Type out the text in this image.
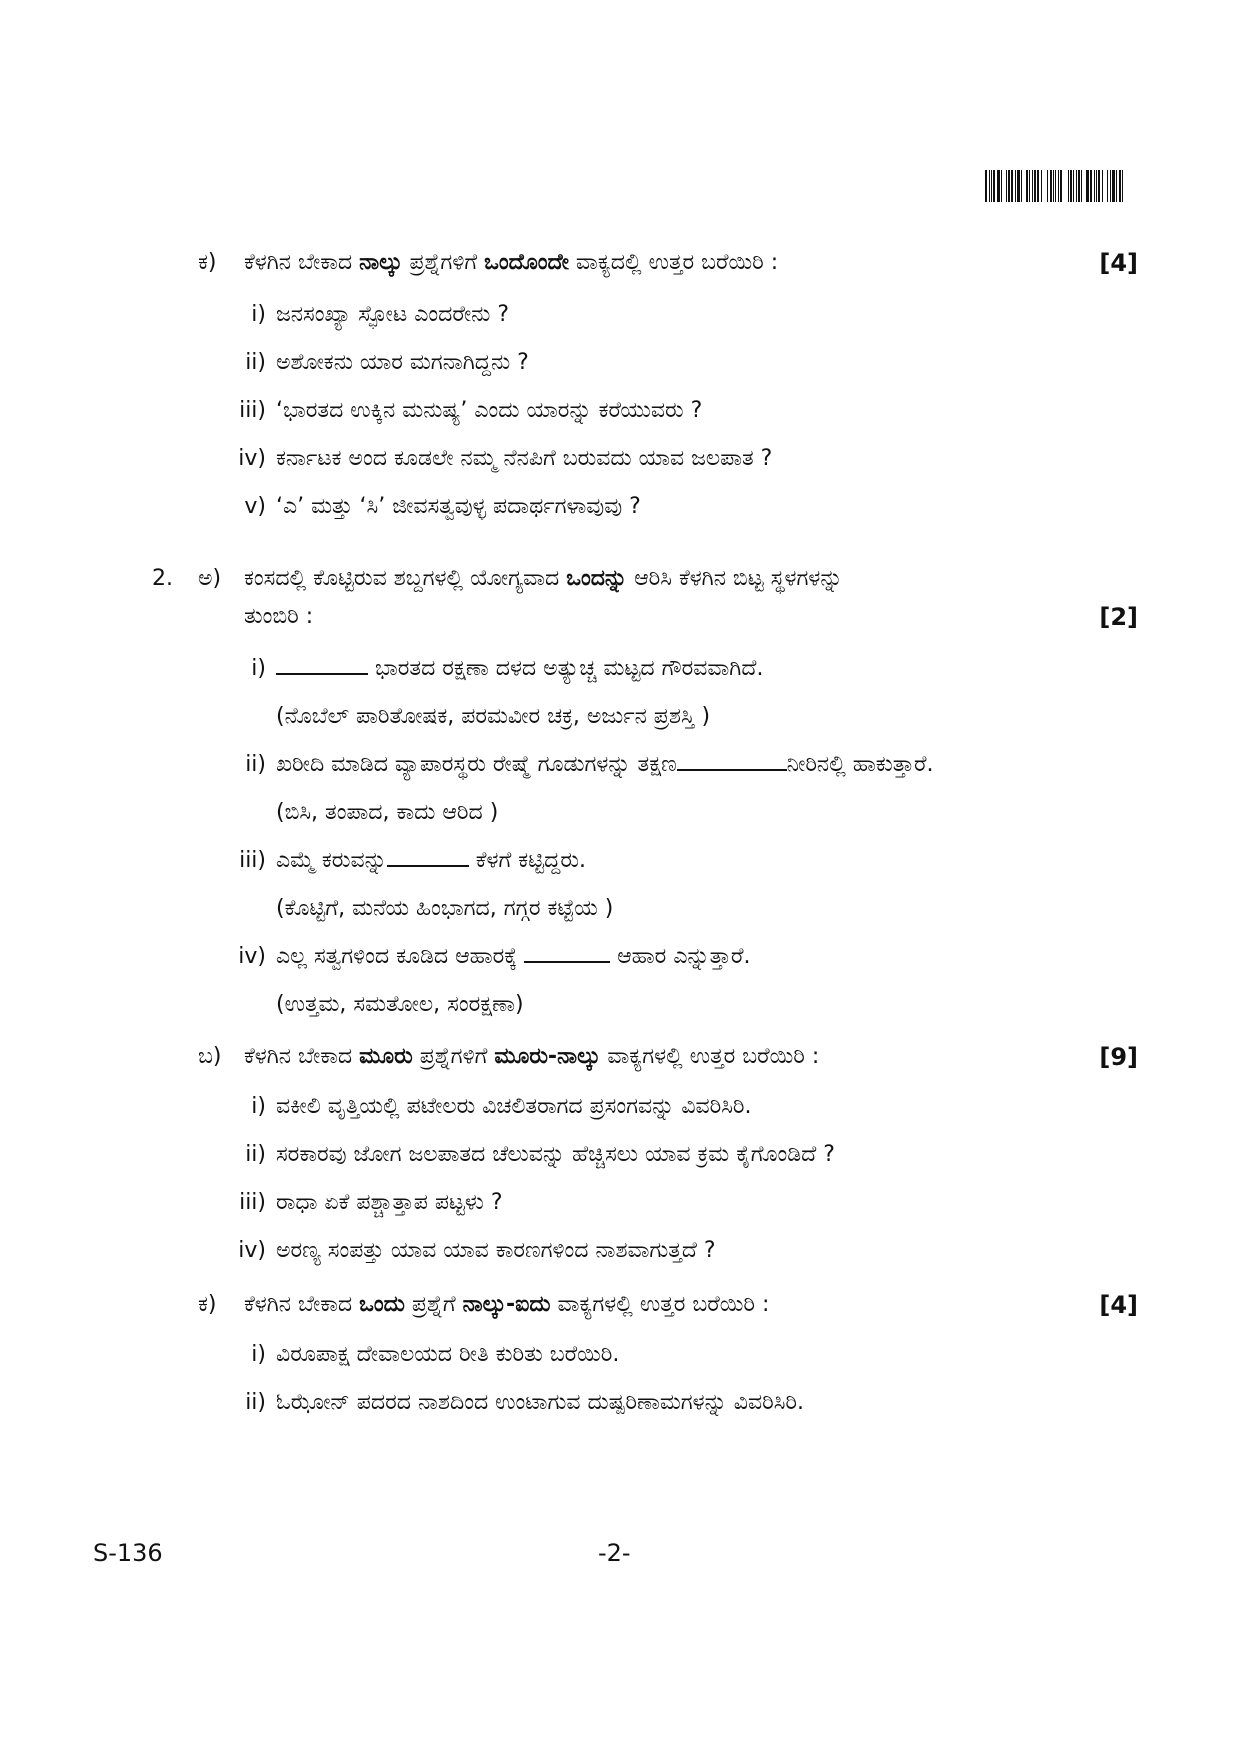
ಕ) ಕೆಳಗಿನ ಬೇಕಾದ ನಾಲ್ಕು ಪ್ರಶ್ನೆಗಳಿಗೆ ಒಂದೊಂದೇ ವಾಕ್ಯದಲ್ಲಿ ಉತ್ತರ ಬರೆಯಿರಿ :	[4]
i) ಜನಸಂಖ್ಯಾ ಸ್ಫೋಟ ಎಂದರೇನು ?
ii) ಅಶೋಕನು ಯಾರ ಮಗನಾಗಿದ್ದನು ?
iii) ‘ಭಾರತದ ಉಕ್ಕಿನ ಮನುಷ್ಯ’ ಎಂದು ಯಾರನ್ನು ಕರೆಯುವರು ?
iv) ಕರ್ನಾಟಕ ಅಂದ ಕೂಡಲೇ ನಮ್ಮ ನೆನಪಿಗೆ ಬರುವದು ಯಾವ ಜಲಪಾತ ?
v) ‘ಎ’ ಮತ್ತು ‘ಸಿ’ ಜೀವಸತ್ವವುಳ್ಳ ಪದಾರ್ಥಗಳಾವುವು ?
2. ಅ) ಕಂಸದಲ್ಲಿ ಕೊಟ್ಟಿರುವ ಶಬ್ದಗಳಲ್ಲಿ ಯೋಗ್ಯವಾದ ಒಂದನ್ನು ಆರಿಸಿ ಕೆಳಗಿನ ಬಿಟ್ಟ ಸ್ಥಳಗಳನ್ನು
ತುಂಬಿರಿ :	[2]
i)	ಭಾರತದ ರಕ್ಷಣಾ ದಳದ ಅತ್ಯುಚ್ಚ ಮಟ್ಟದ ಗೌರವವಾಗಿದೆ.
(ನೊಬೆಲ್ ಪಾರಿತೋಷಕ, ಪರಮವೀರ ಚಕ್ರ, ಅರ್ಜುನ ಪ್ರಶಸ್ತಿ )
ii) ಖರೀದಿ ಮಾಡಿದ ವ್ಯಾಪಾರಸ್ಥರು ರೇಷ್ಮೆ ಗೂಡುಗಳನ್ನು ತಕ್ಷಣ	ನೀರಿನಲ್ಲಿ ಹಾಕುತ್ತಾರೆ.
(ಬಿಸಿ, ತಂಪಾದ, ಕಾದು ಆರಿದ )
iii) ಎಮ್ಮೆ ಕರುವನ್ನು	ಕೆಳಗೆ ಕಟ್ಟಿದ್ದರು.
(ಕೊಟ್ಟಿಗೆ, ಮನೆಯ ಹಿಂಭಾಗದ, ಗಗ್ಗರ ಕಟ್ಟೆಯ )
iv) ಎಲ್ಲ ಸತ್ವಗಳಿಂದ ಕೂಡಿದ ಆಹಾರಕ್ಕೆ	ಆಹಾರ ಎನ್ನುತ್ತಾರೆ.
(ಉತ್ತಮ, ಸಮತೋಲ, ಸಂರಕ್ಷಣಾ)
ಬ) ಕೆಳಗಿನ ಬೇಕಾದ ಮೂರು ಪ್ರಶ್ನೆಗಳಿಗೆ ಮೂರು-ನಾಲ್ಕು ವಾಕ್ಯಗಳಲ್ಲಿ ಉತ್ತರ ಬರೆಯಿರಿ :	[9]
i) ವಕೀಲಿ ವೃತ್ತಿಯಲ್ಲಿ ಪಟೇಲರು ವಿಚಲಿತರಾಗದ ಪ್ರಸಂಗವನ್ನು ವಿವರಿಸಿರಿ.
ii) ಸರಕಾರವು ಜೋಗ ಜಲಪಾತದ ಚೆಲುವನ್ನು ಹೆಚ್ಚಿಸಲು ಯಾವ ಕ್ರಮ ಕೈಗೊಂಡಿದೆ ?
iii) ರಾಧಾ ಏಕೆ ಪಶ್ಚಾತ್ತಾಪ ಪಟ್ಟಳು ?
iv) ಅರಣ್ಯ ಸಂಪತ್ತು ಯಾವ ಯಾವ ಕಾರಣಗಳಿಂದ ನಾಶವಾಗುತ್ತದೆ ?
ಕ) ಕೆಳಗಿನ ಬೇಕಾದ ಒಂದು ಪ್ರಶ್ನೆಗೆ ನಾಲ್ಕು-ಐದು ವಾಕ್ಯಗಳಲ್ಲಿ ಉತ್ತರ ಬರೆಯಿರಿ :	[4]
i) ವಿರೂಪಾಕ್ಷ ದೇವಾಲಯದ ರೀತಿ ಕುರಿತು ಬರೆಯಿರಿ.
ii) ಓಝೋನ್ ಪದರದ ನಾಶದಿಂದ ಉಂಟಾಗುವ ದುಷ್ಪರಿಣಾಮಗಳನ್ನು ವಿವರಿಸಿರಿ.
S-136	-2-
